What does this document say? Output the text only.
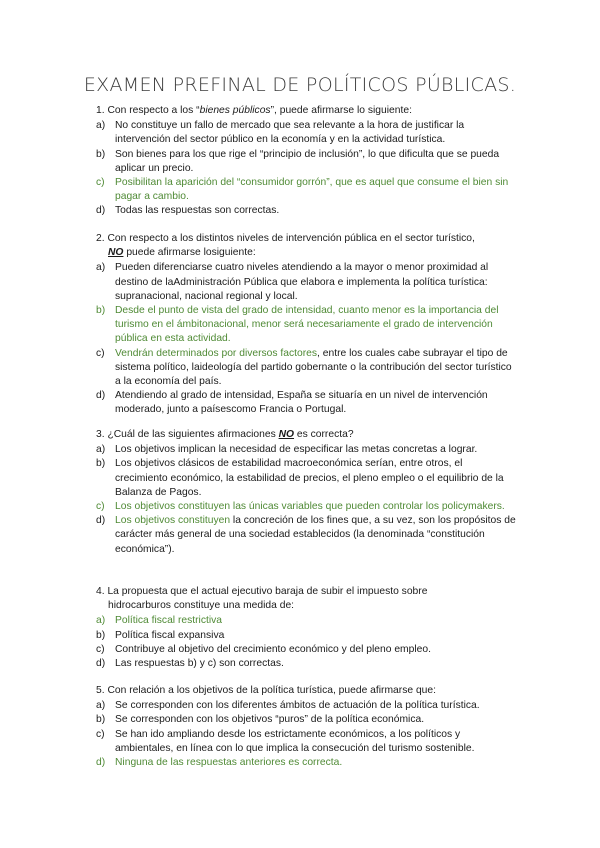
EXAMEN PREFINAL DE POLÍTICOS PÚBLICAS.
1. Con respecto a los “bienes públicos”, puede afirmarse lo siguiente:
a) No constituye un fallo de mercado que sea relevante a la hora de justificar la intervención del sector público en la economía y en la actividad turística.
b) Son bienes para los que rige el “principio de inclusión”, lo que dificulta que se pueda aplicar un precio.
c)	Posibilitan la aparición del “consumidor gorrón”, que es aquel que consume el bien sin pagar a cambio.
d) Todas las respuestas son correctas.
2. Con respecto a los distintos niveles de intervención pública en el sector turístico,
NO puede afirmarse losiguiente:
a) Pueden diferenciarse cuatro niveles atendiendo a la mayor o menor proximidad al destino de laAdministración Pública que elabora e implementa la política turística: supranacional, nacional regional y local.
b) Desde el punto de vista del grado de intensidad, cuanto menor es la importancia del turismo en el ámbitonacional, menor será necesariamente el grado de intervención pública en esta actividad.
c)	Vendrán determinados por diversos factores, entre los cuales cabe subrayar el tipo de sistema político, laideología del partido gobernante o la contribución del sector turístico a la economía del país.
d) Atendiendo al grado de intensidad, España se situaría en un nivel de intervención moderado, junto a paísescomo Francia o Portugal.
3. ¿Cuál de las siguientes afirmaciones NO es correcta?
a) Los objetivos implican la necesidad de especificar las metas concretas a lograr.
b) Los objetivos clásicos de estabilidad macroeconómica serían, entre otros, el crecimiento económico, la estabilidad de precios, el pleno empleo o el equilibrio de la Balanza de Pagos.
c)	Los objetivos constituyen las únicas variables que pueden controlar los policymakers.
d) Los objetivos constituyen la concreción de los fines que, a su vez, son los propósitos de carácter más general de una sociedad establecidos (la denominada “constitución económica”).
4. La propuesta que el actual ejecutivo baraja de subir el impuesto sobre
hidrocarburos constituye una medida de:
a) Política fiscal restrictiva
b) Política fiscal expansiva
c)	Contribuye al objetivo del crecimiento económico y del pleno empleo.
d) Las respuestas b) y c) son correctas.
5. Con relación a los objetivos de la política turística, puede afirmarse que:
a) Se corresponden con los diferentes ámbitos de actuación de la política turística.
b) Se corresponden con los objetivos “puros” de la política económica.
c)	Se han ido ampliando desde los estrictamente económicos, a los políticos y ambientales, en línea con lo que implica la consecución del turismo sostenible.
d) Ninguna de las respuestas anteriores es correcta.
